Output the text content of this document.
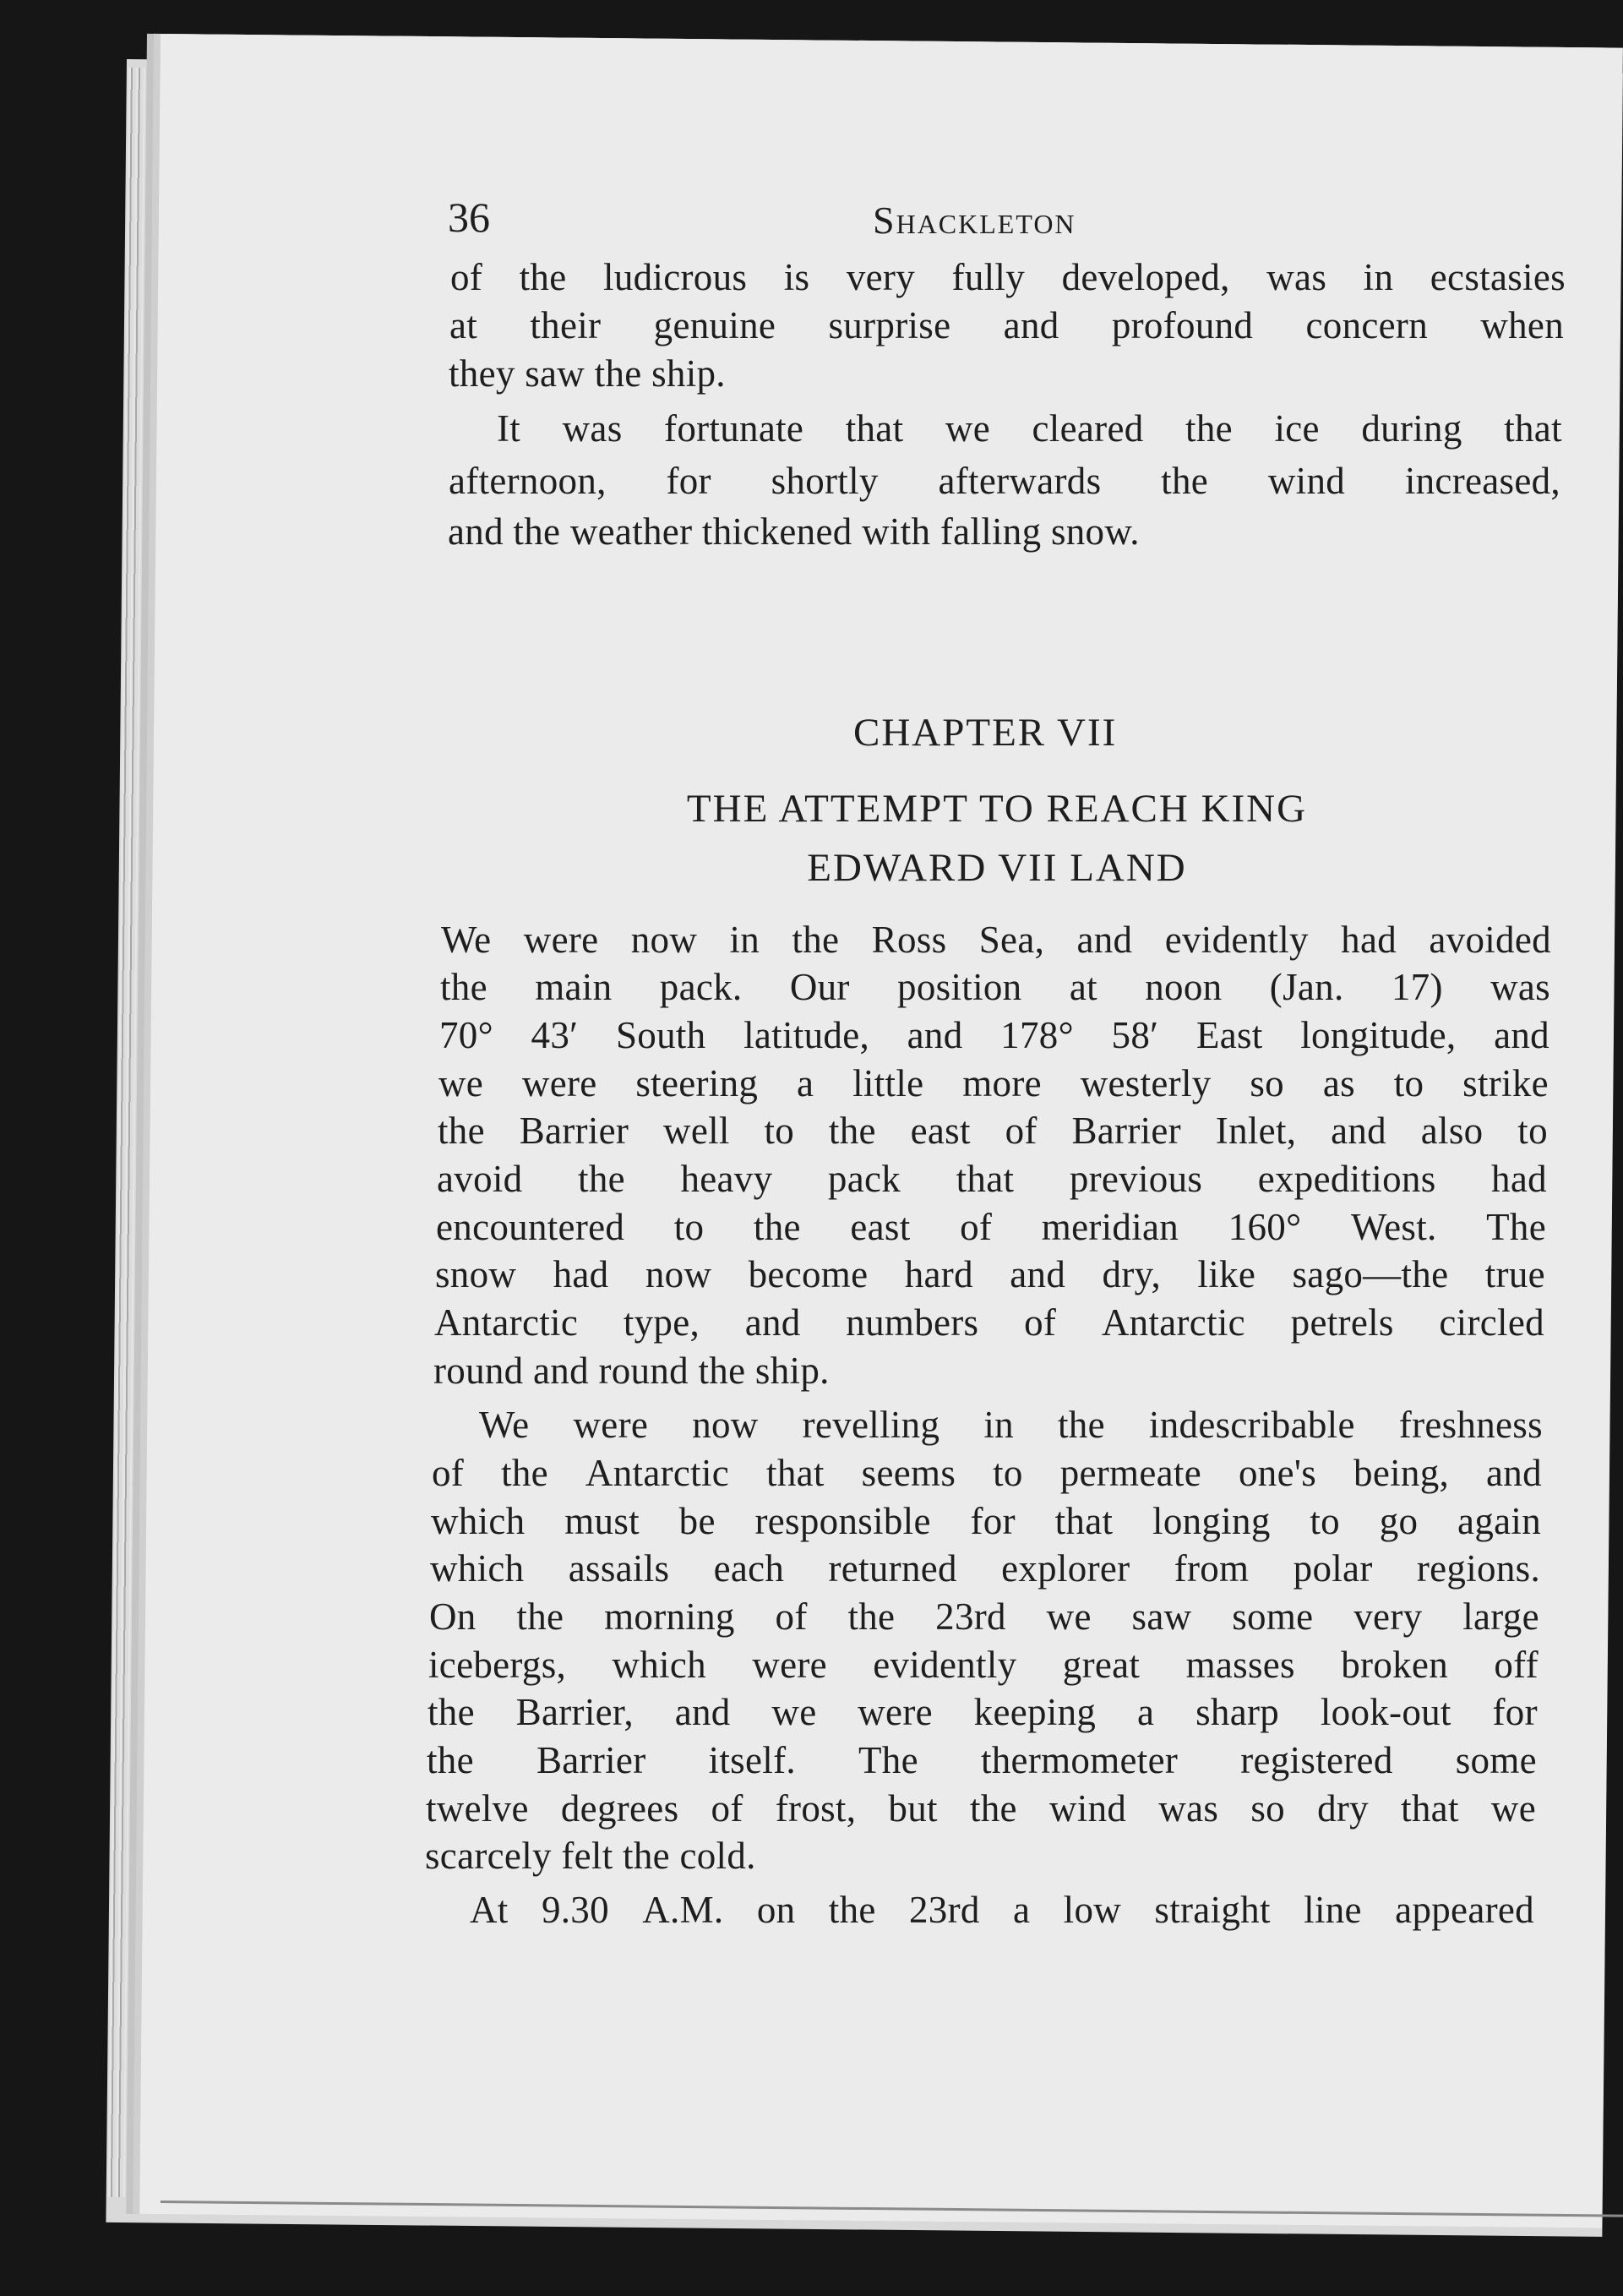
36	Shackleton
of the ludicrous is very fully developed, was in ecstasies
at their genuine surprise and profound concern when
they saw the ship.
It was fortunate that we cleared the ice during that
afternoon, for shortly afterwards the wind increased,
and the weather thickened with falling snow.
CHAPTER VII
THE ATTEMPT TO REACH KING
EDWARD VII LAND
We were now in the Ross Sea, and evidently had avoided
the main pack. Our position at noon (Jan. 17) was
70° 43′ South latitude, and 178° 58′ East longitude, and
we were steering a little more westerly so as to strike
the Barrier well to the east of Barrier Inlet, and also to
avoid the heavy pack that previous expeditions had
encountered to the east of meridian 160° West. The
snow had now become hard and dry, like sago—the true
Antarctic type, and numbers of Antarctic petrels circled
round and round the ship.
We were now revelling in the indescribable freshness
of the Antarctic that seems to permeate one's being, and
which must be responsible for that longing to go again
which assails each returned explorer from polar regions.
On the morning of the 23rd we saw some very large
icebergs, which were evidently great masses broken off
the Barrier, and we were keeping a sharp look-out for
the Barrier itself. The thermometer registered some
twelve degrees of frost, but the wind was so dry that we
scarcely felt the cold.
At 9.30 A.M. on the 23rd a low straight line appeared
